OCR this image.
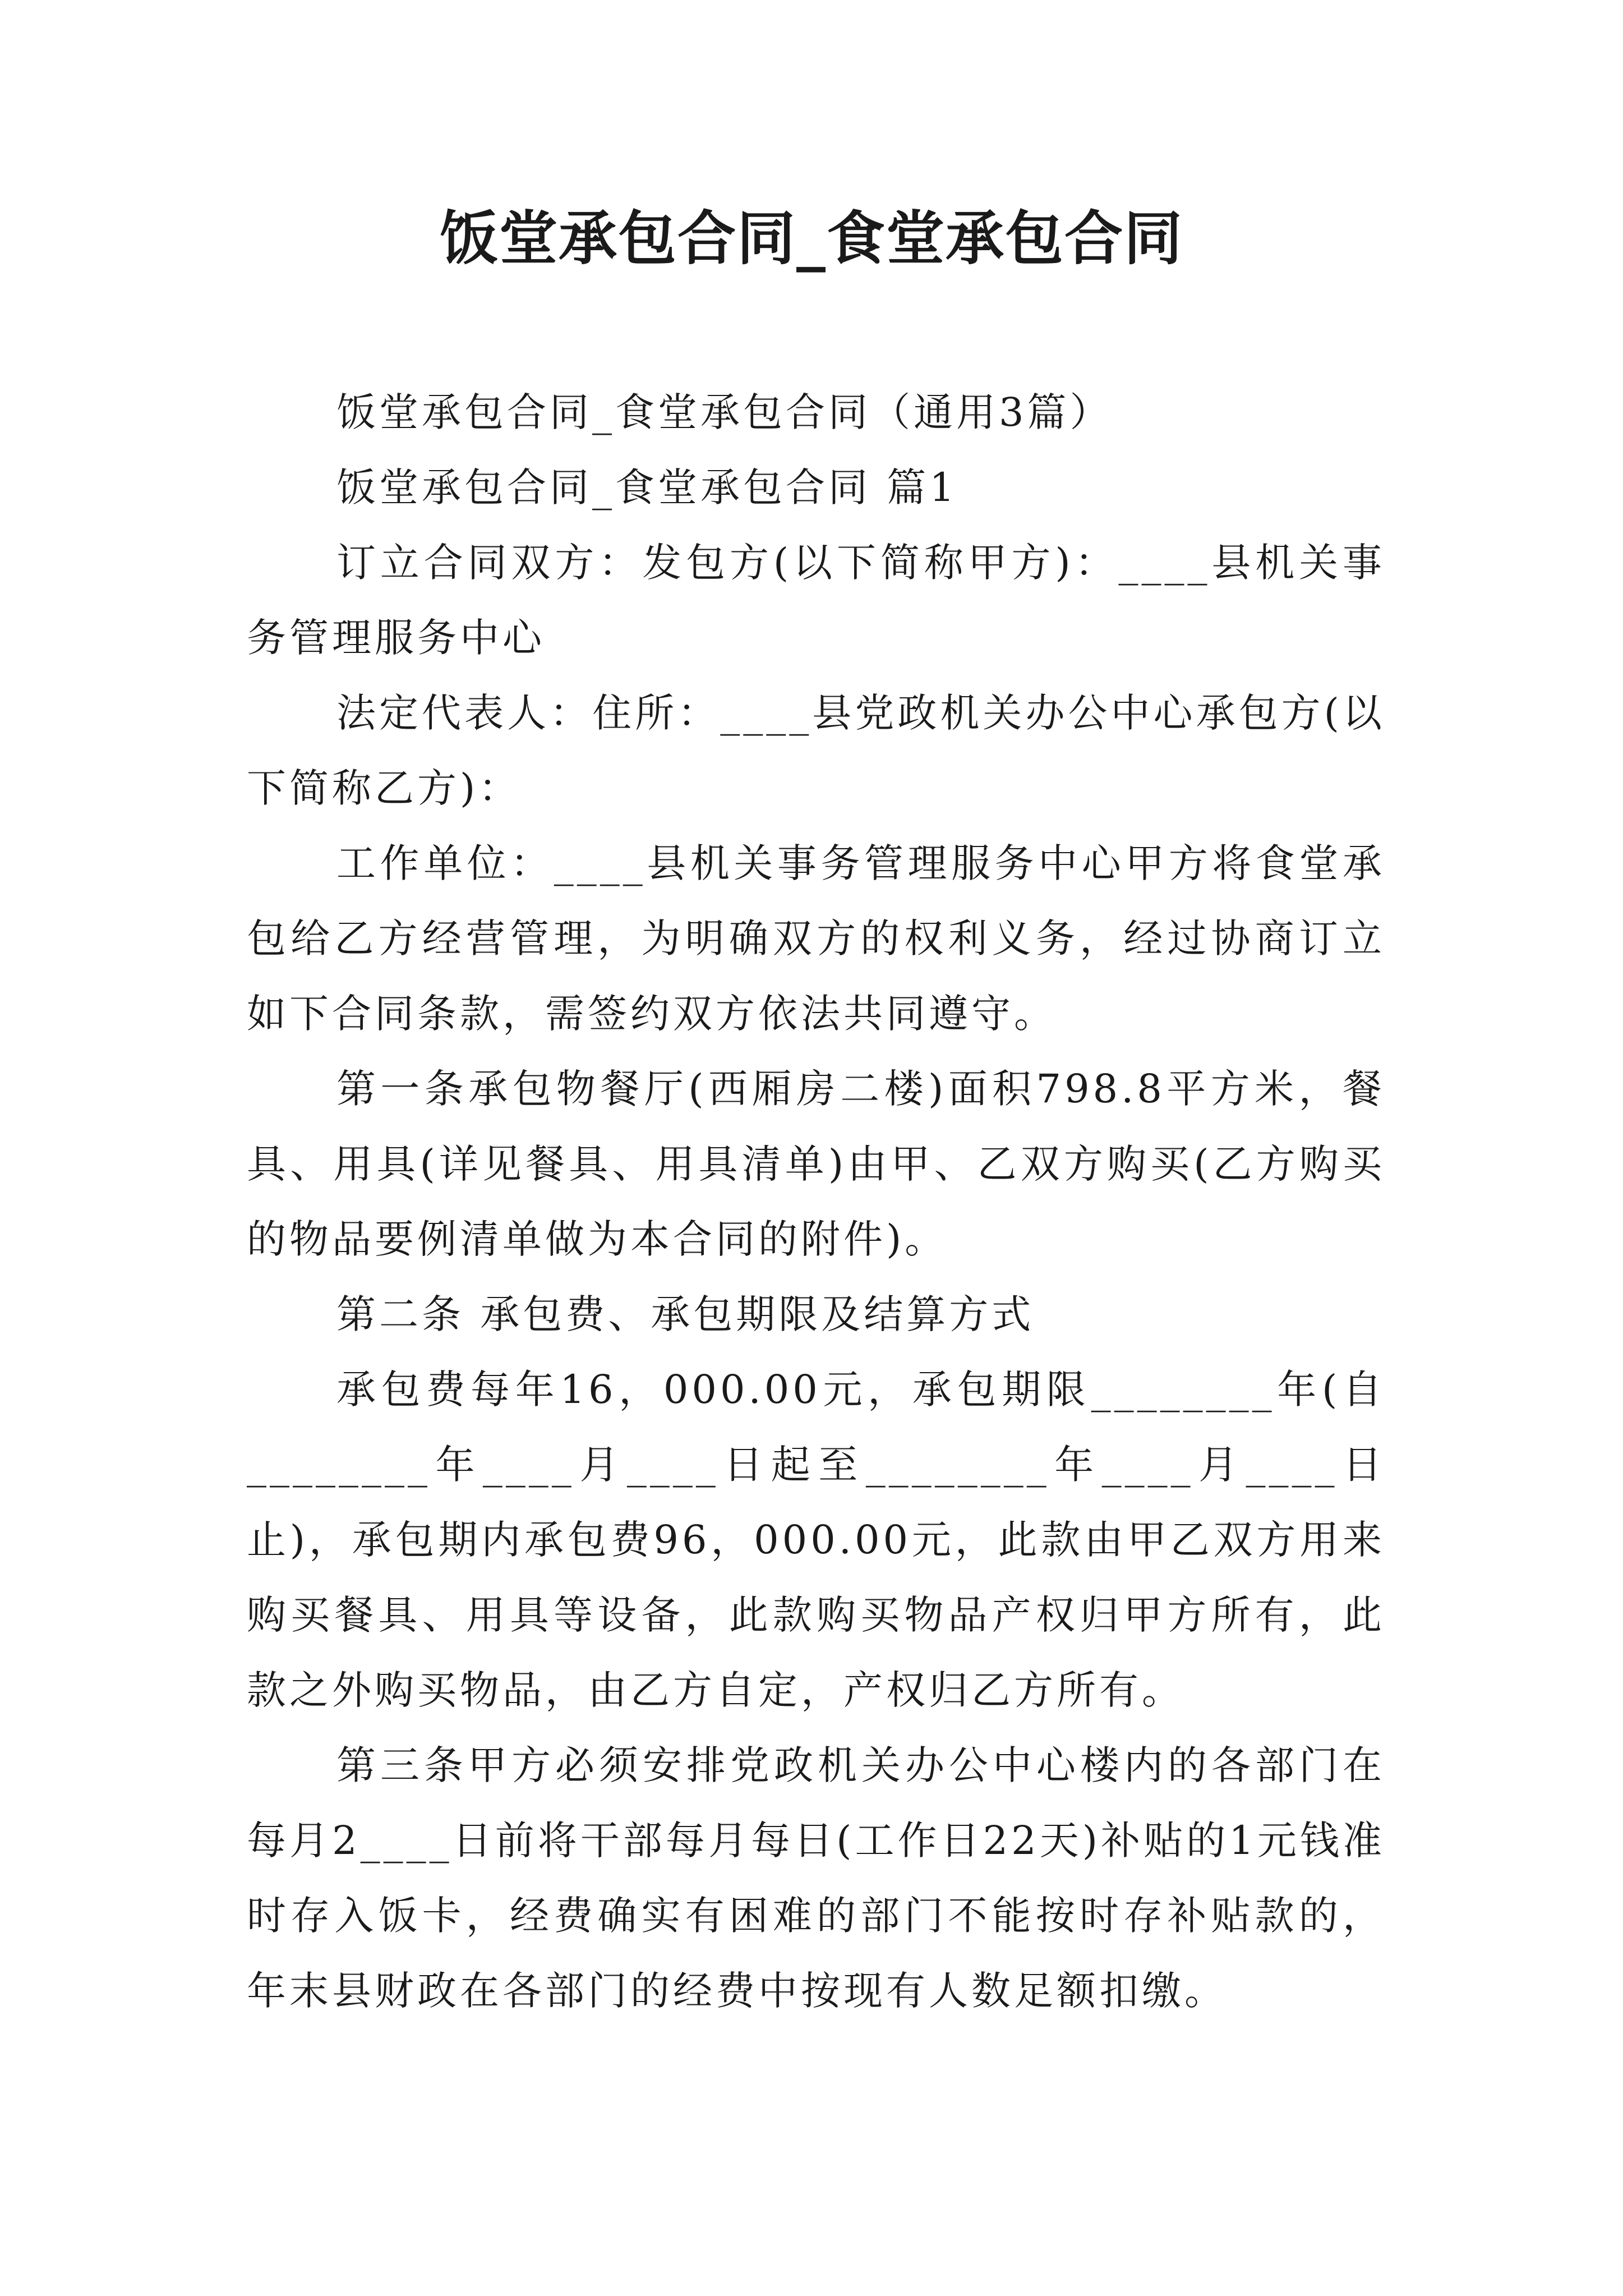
饭堂承包合同_食堂承包合同

饭堂承包合同_食堂承包合同（通用3篇）

饭堂承包合同_食堂承包合同 篇1

订立合同双方：发包方(以下简称甲方)：____县机关事务管理服务中心

法定代表人：住所：____县党政机关办公中心承包方(以下简称乙方)：

工作单位：____县机关事务管理服务中心甲方将食堂承包给乙方经营管理，为明确双方的权利义务，经过协商订立如下合同条款，需签约双方依法共同遵守。

第一条承包物餐厅(西厢房二楼)面积798.8平方米，餐具、用具(详见餐具、用具清单)由甲、乙双方购买(乙方购买的物品要例清单做为本合同的附件)。

第二条 承包费、承包期限及结算方式

承包费每年16，000.00元，承包期限________年(自________年____月____日起至________年____月____日止)，承包期内承包费96，000.00元，此款由甲乙双方用来购买餐具、用具等设备，此款购买物品产权归甲方所有，此款之外购买物品，由乙方自定，产权归乙方所有。

第三条甲方必须安排党政机关办公中心楼内的各部门在每月2____日前将干部每月每日(工作日22天)补贴的1元钱准时存入饭卡，经费确实有困难的部门不能按时存补贴款的，年末县财政在各部门的经费中按现有人数足额扣缴。
